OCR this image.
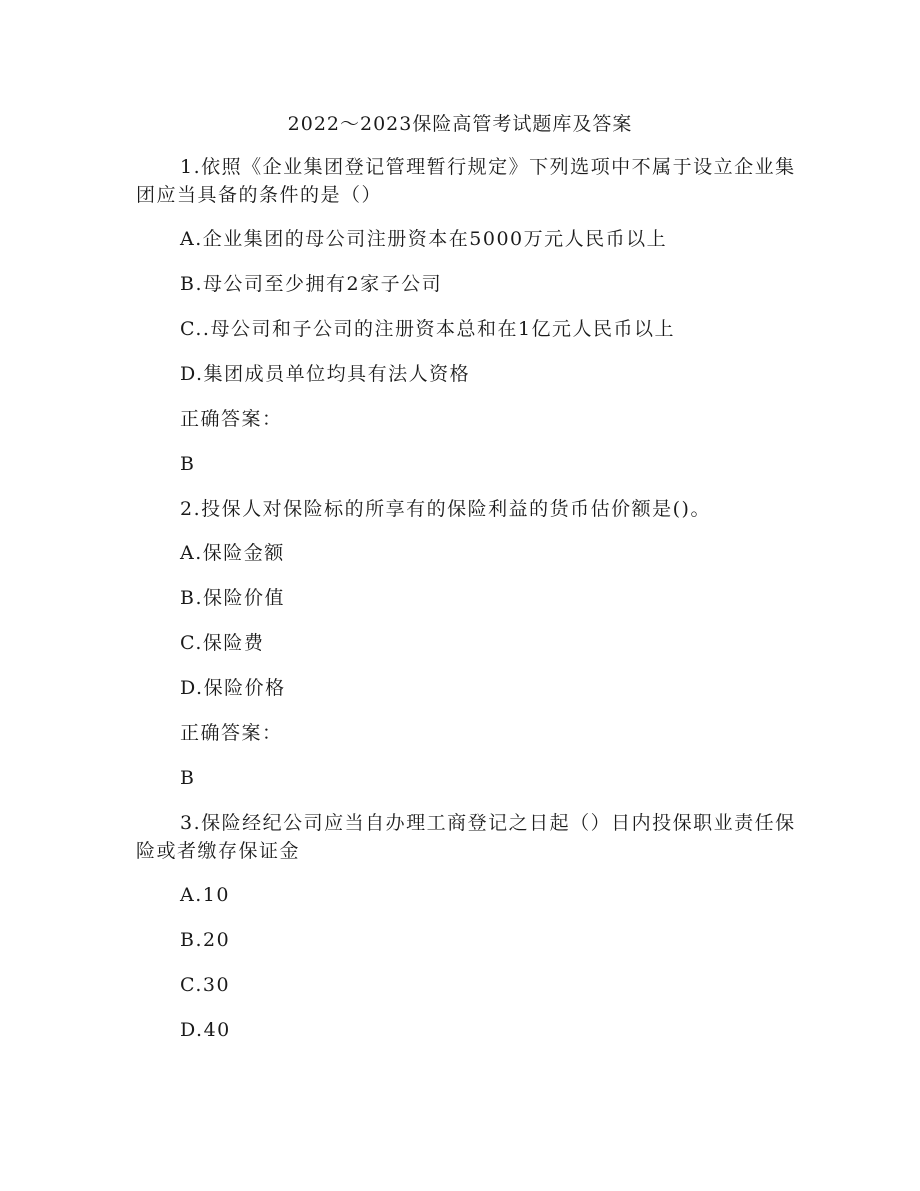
2022～2023保险高管考试题库及答案

1.依照《企业集团登记管理暂行规定》下列选项中不属于设立企业集团应当具备的条件的是（）

A.企业集团的母公司注册资本在5000万元人民币以上

B.母公司至少拥有2家子公司

C..母公司和子公司的注册资本总和在1亿元人民币以上

D.集团成员单位均具有法人资格

正确答案：

B

2.投保人对保险标的所享有的保险利益的货币估价额是()。

A.保险金额

B.保险价值

C.保险费

D.保险价格

正确答案：

B

3.保险经纪公司应当自办理工商登记之日起（）日内投保职业责任保险或者缴存保证金

A.10

B.20

C.30

D.40
